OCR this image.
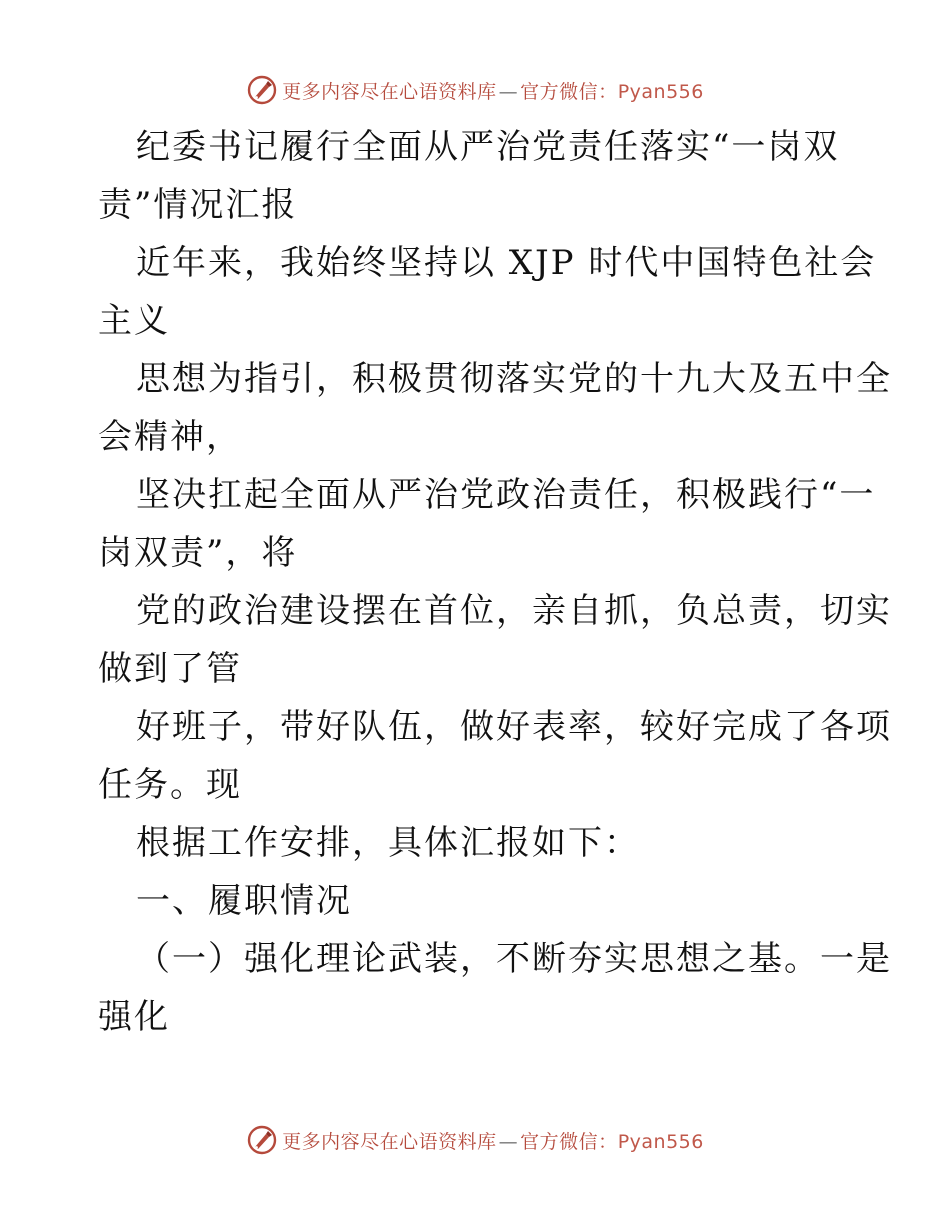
更多内容尽在心语资料库 — 官方微信：Pyan556
纪委书记履行全面从严治党责任落实“一岗双
责”情况汇报
近年来，我始终坚持以 XJP 时代中国特色社会
主义
思想为指引，积极贯彻落实党的十九大及五中全
会精神，
坚决扛起全面从严治党政治责任，积极践行“一
岗双责”，将
党的政治建设摆在首位，亲自抓，负总责，切实
做到了管
好班子，带好队伍，做好表率，较好完成了各项
任务。现
根据工作安排，具体汇报如下：
一、履职情况
（一）强化理论武装，不断夯实思想之基。一是
强化
更多内容尽在心语资料库 — 官方微信：Pyan556
